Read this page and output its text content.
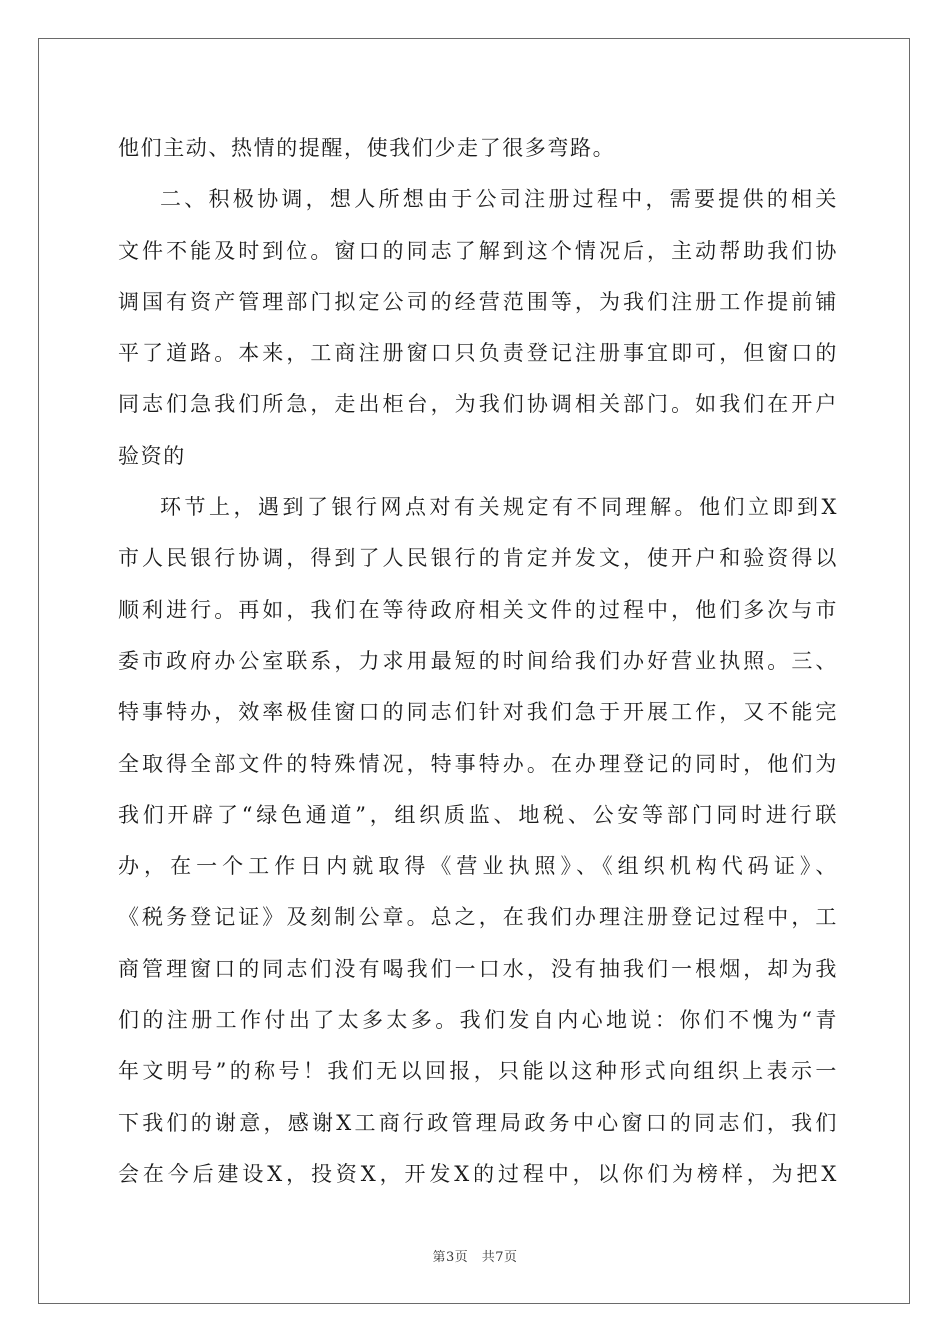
他们主动、热情的提醒，使我们少走了很多弯路。
二、积极协调，想人所想由于公司注册过程中，需要提供的相关
文件不能及时到位。窗口的同志了解到这个情况后，主动帮助我们协
调国有资产管理部门拟定公司的经营范围等，为我们注册工作提前铺
平了道路。本来，工商注册窗口只负责登记注册事宜即可，但窗口的
同志们急我们所急，走出柜台，为我们协调相关部门。如我们在开户
验资的
环节上，遇到了银行网点对有关规定有不同理解。他们立即到X
市人民银行协调，得到了人民银行的肯定并发文，使开户和验资得以
顺利进行。再如，我们在等待政府相关文件的过程中，他们多次与市
委市政府办公室联系，力求用最短的时间给我们办好营业执照。三、
特事特办，效率极佳窗口的同志们针对我们急于开展工作，又不能完
全取得全部文件的特殊情况，特事特办。在办理登记的同时，他们为
我们开辟了“绿色通道”，组织质监、地税、公安等部门同时进行联
办，在一个工作日内就取得《营业执照》、《组织机构代码证》、
《税务登记证》及刻制公章。总之，在我们办理注册登记过程中，工
商管理窗口的同志们没有喝我们一口水，没有抽我们一根烟，却为我
们的注册工作付出了太多太多。我们发自内心地说：你们不愧为“青
年文明号”的称号！我们无以回报，只能以这种形式向组织上表示一
下我们的谢意，感谢X工商行政管理局政务中心窗口的同志们，我们
会在今后建设X，投资X，开发X的过程中，以你们为榜样，为把X
第3页　共7页
